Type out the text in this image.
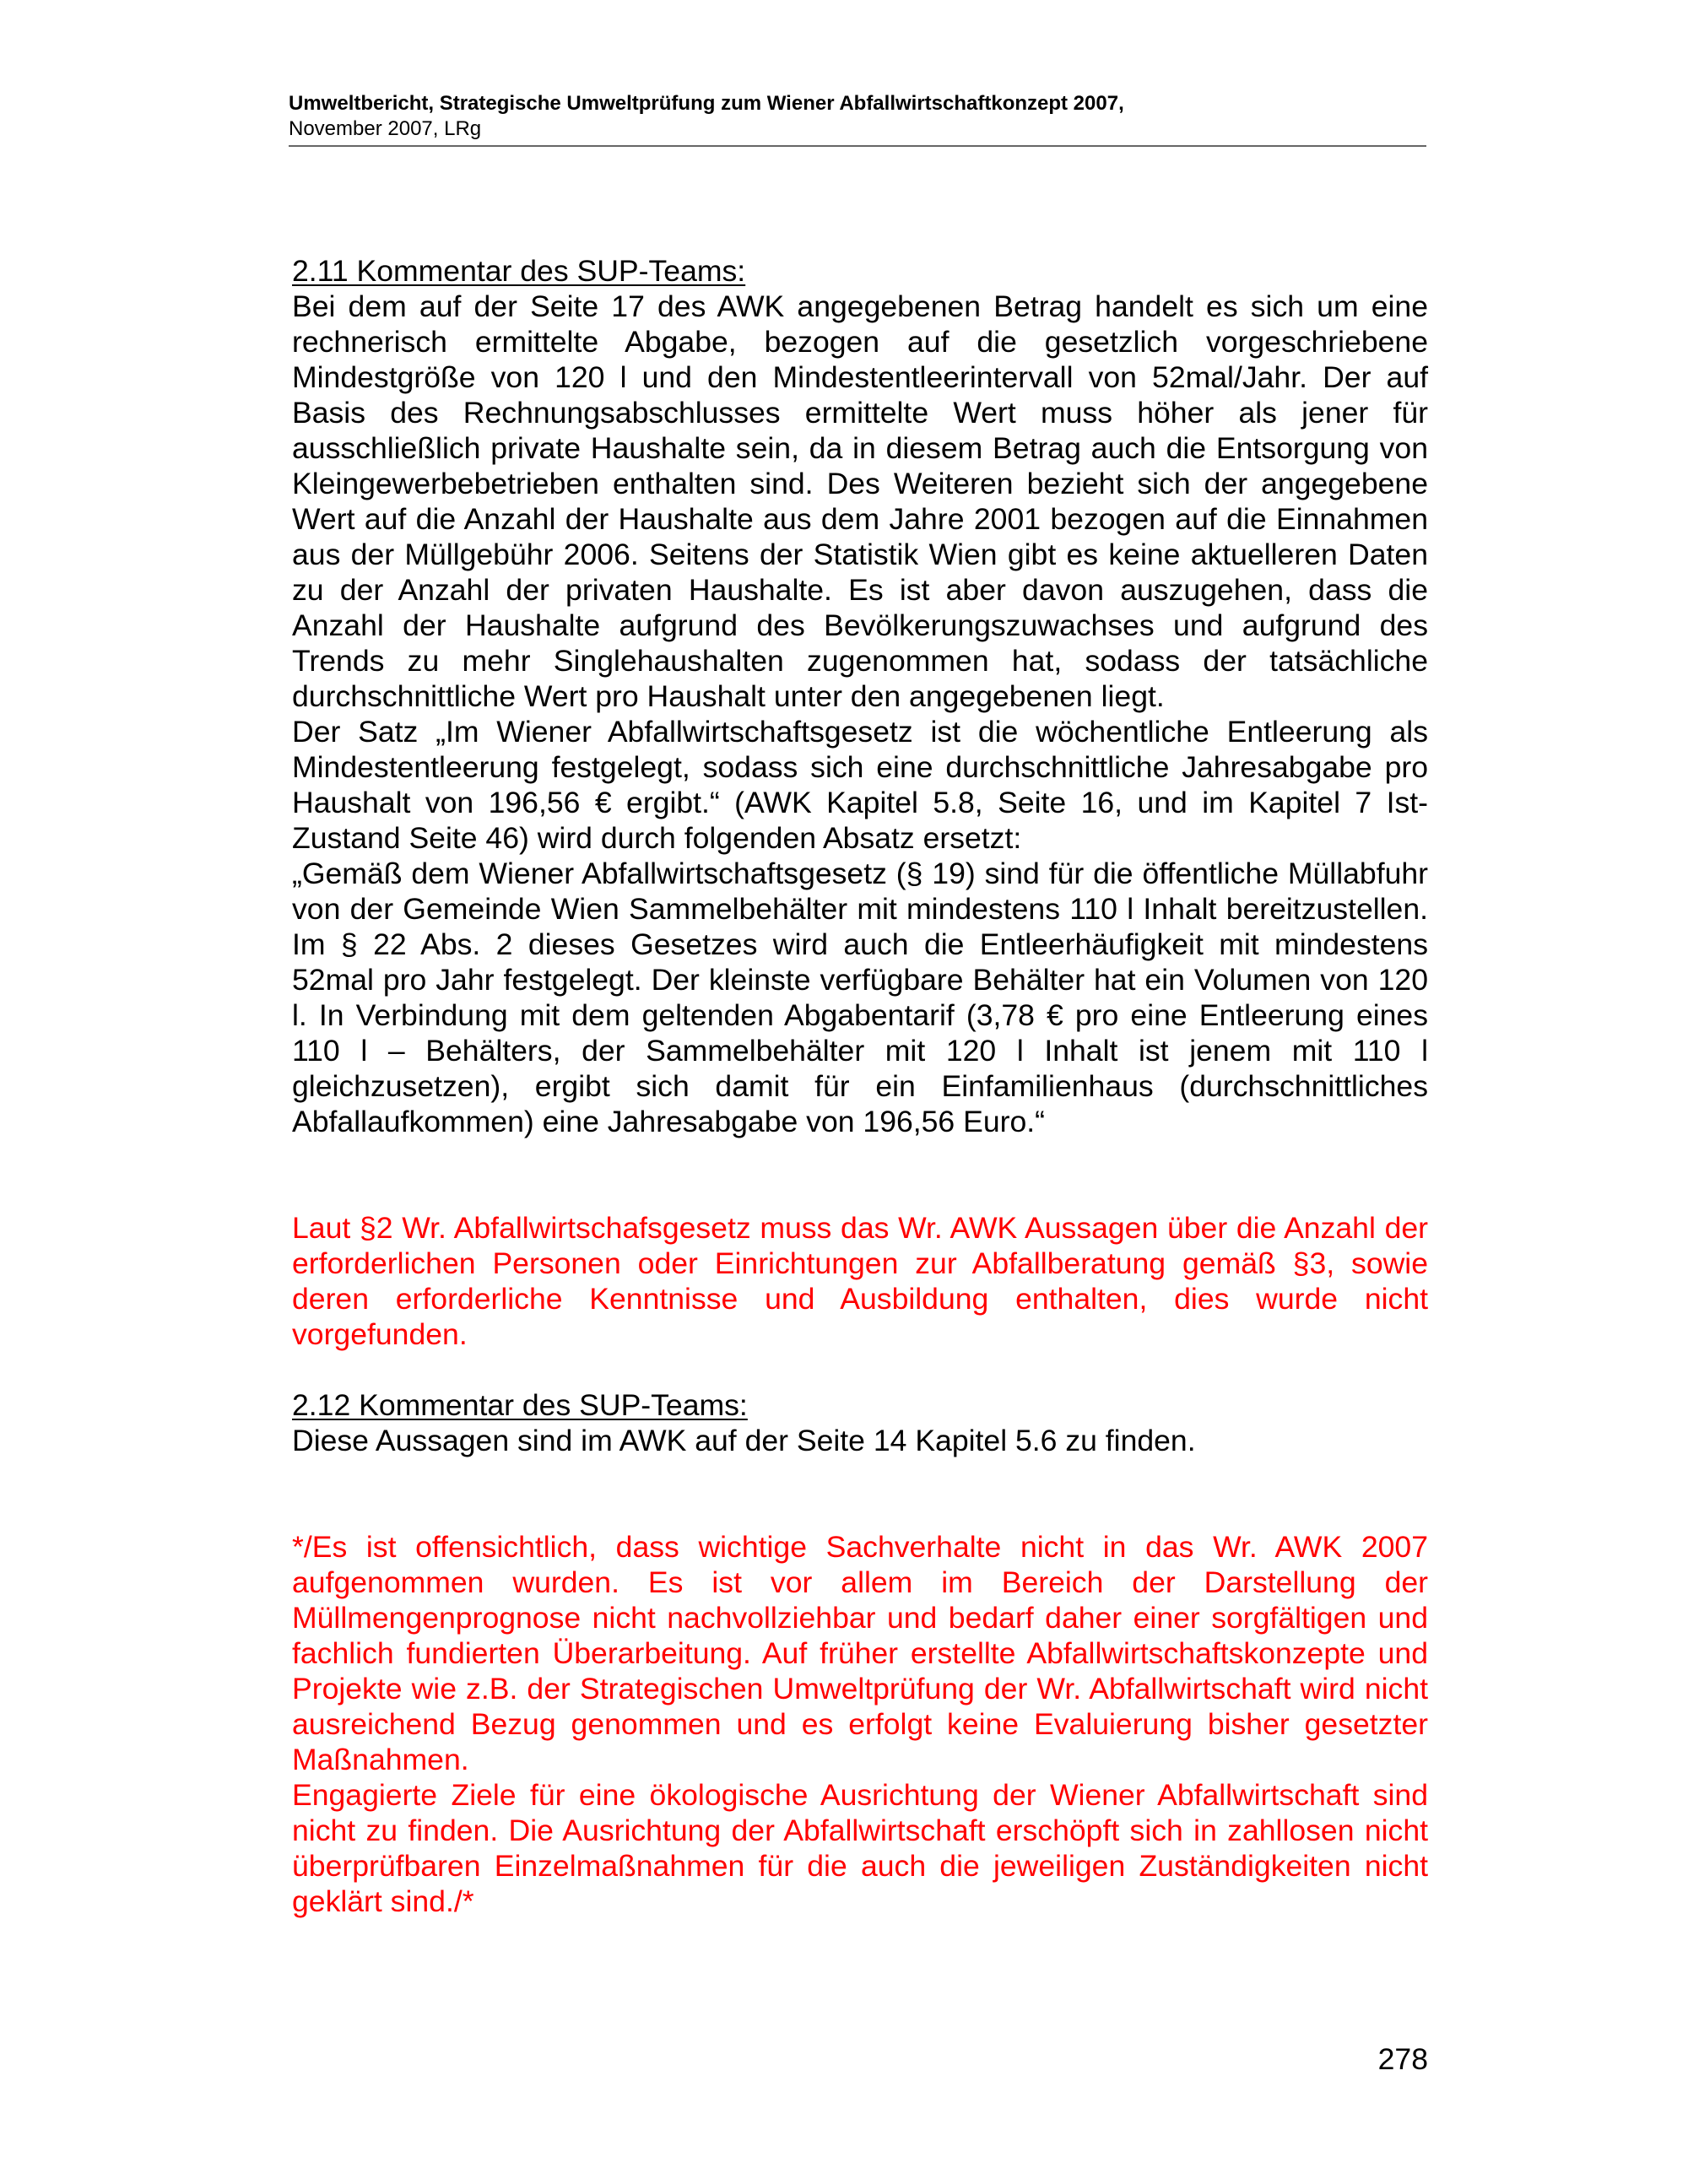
Umweltbericht, Strategische Umweltprüfung zum Wiener Abfallwirtschaftkonzept 2007,
November 2007, LRg

2.11 Kommentar des SUP-Teams:

Bei dem auf der Seite 17 des AWK angegebenen Betrag handelt es sich um eine rechnerisch ermittelte Abgabe, bezogen auf die gesetzlich vorgeschriebene Mindestgröße von 120 l und den Mindestentleerintervall von 52mal/Jahr. Der auf Basis des Rechnungsabschlusses ermittelte Wert muss höher als jener für ausschließlich private Haushalte sein, da in diesem Betrag auch die Entsorgung von Kleingewerbebetrieben enthalten sind. Des Weiteren bezieht sich der angegebene Wert auf die Anzahl der Haushalte aus dem Jahre 2001 bezogen auf die Einnahmen aus der Müllgebühr 2006. Seitens der Statistik Wien gibt es keine aktuelleren Daten zu der Anzahl der privaten Haushalte. Es ist aber davon auszugehen, dass die Anzahl der Haushalte aufgrund des Bevölkerungszuwachses und aufgrund des Trends zu mehr Singlehaushalten zugenommen hat, sodass der tatsächliche durchschnittliche Wert pro Haushalt unter den angegebenen liegt.

Der Satz „Im Wiener Abfallwirtschaftsgesetz ist die wöchentliche Entleerung als Mindestentleerung festgelegt, sodass sich eine durchschnittliche Jahresabgabe pro Haushalt von 196,56 € ergibt.“ (AWK Kapitel 5.8, Seite 16, und im Kapitel 7 Ist-Zustand Seite 46) wird durch folgenden Absatz ersetzt:

„Gemäß dem Wiener Abfallwirtschaftsgesetz (§ 19) sind für die öffentliche Müllabfuhr von der Gemeinde Wien Sammelbehälter mit mindestens 110 l Inhalt bereitzustellen. Im § 22 Abs. 2 dieses Gesetzes wird auch die Entleerhäufigkeit mit mindestens 52mal pro Jahr festgelegt. Der kleinste verfügbare Behälter hat ein Volumen von 120 l. In Verbindung mit dem geltenden Abgabentarif (3,78 € pro eine Entleerung eines 110 l – Behälters, der Sammelbehälter mit 120 l Inhalt ist jenem mit 110 l gleichzusetzen), ergibt sich damit für ein Einfamilienhaus (durchschnittliches Abfallaufkommen) eine Jahresabgabe von 196,56 Euro.“

Laut §2 Wr. Abfallwirtschafsgesetz muss das Wr. AWK Aussagen über die Anzahl der erforderlichen Personen oder Einrichtungen zur Abfallberatung gemäß §3, sowie deren erforderliche Kenntnisse und Ausbildung enthalten, dies wurde nicht vorgefunden.

2.12 Kommentar des SUP-Teams:

Diese Aussagen sind im AWK auf der Seite 14 Kapitel 5.6 zu finden.

*/Es ist offensichtlich, dass wichtige Sachverhalte nicht in das Wr. AWK 2007 aufgenommen wurden. Es ist vor allem im Bereich der Darstellung der Müllmengenprognose nicht nachvollziehbar und bedarf daher einer sorgfältigen und fachlich fundierten Überarbeitung. Auf früher erstellte Abfallwirtschaftskonzepte und Projekte wie z.B. der Strategischen Umweltprüfung der Wr. Abfallwirtschaft wird nicht ausreichend Bezug genommen und es erfolgt keine Evaluierung bisher gesetzter Maßnahmen.

Engagierte Ziele für eine ökologische Ausrichtung der Wiener Abfallwirtschaft sind nicht zu finden. Die Ausrichtung der Abfallwirtschaft erschöpft sich in zahllosen nicht überprüfbaren Einzelmaßnahmen für die auch die jeweiligen Zuständigkeiten nicht geklärt sind./*

278
